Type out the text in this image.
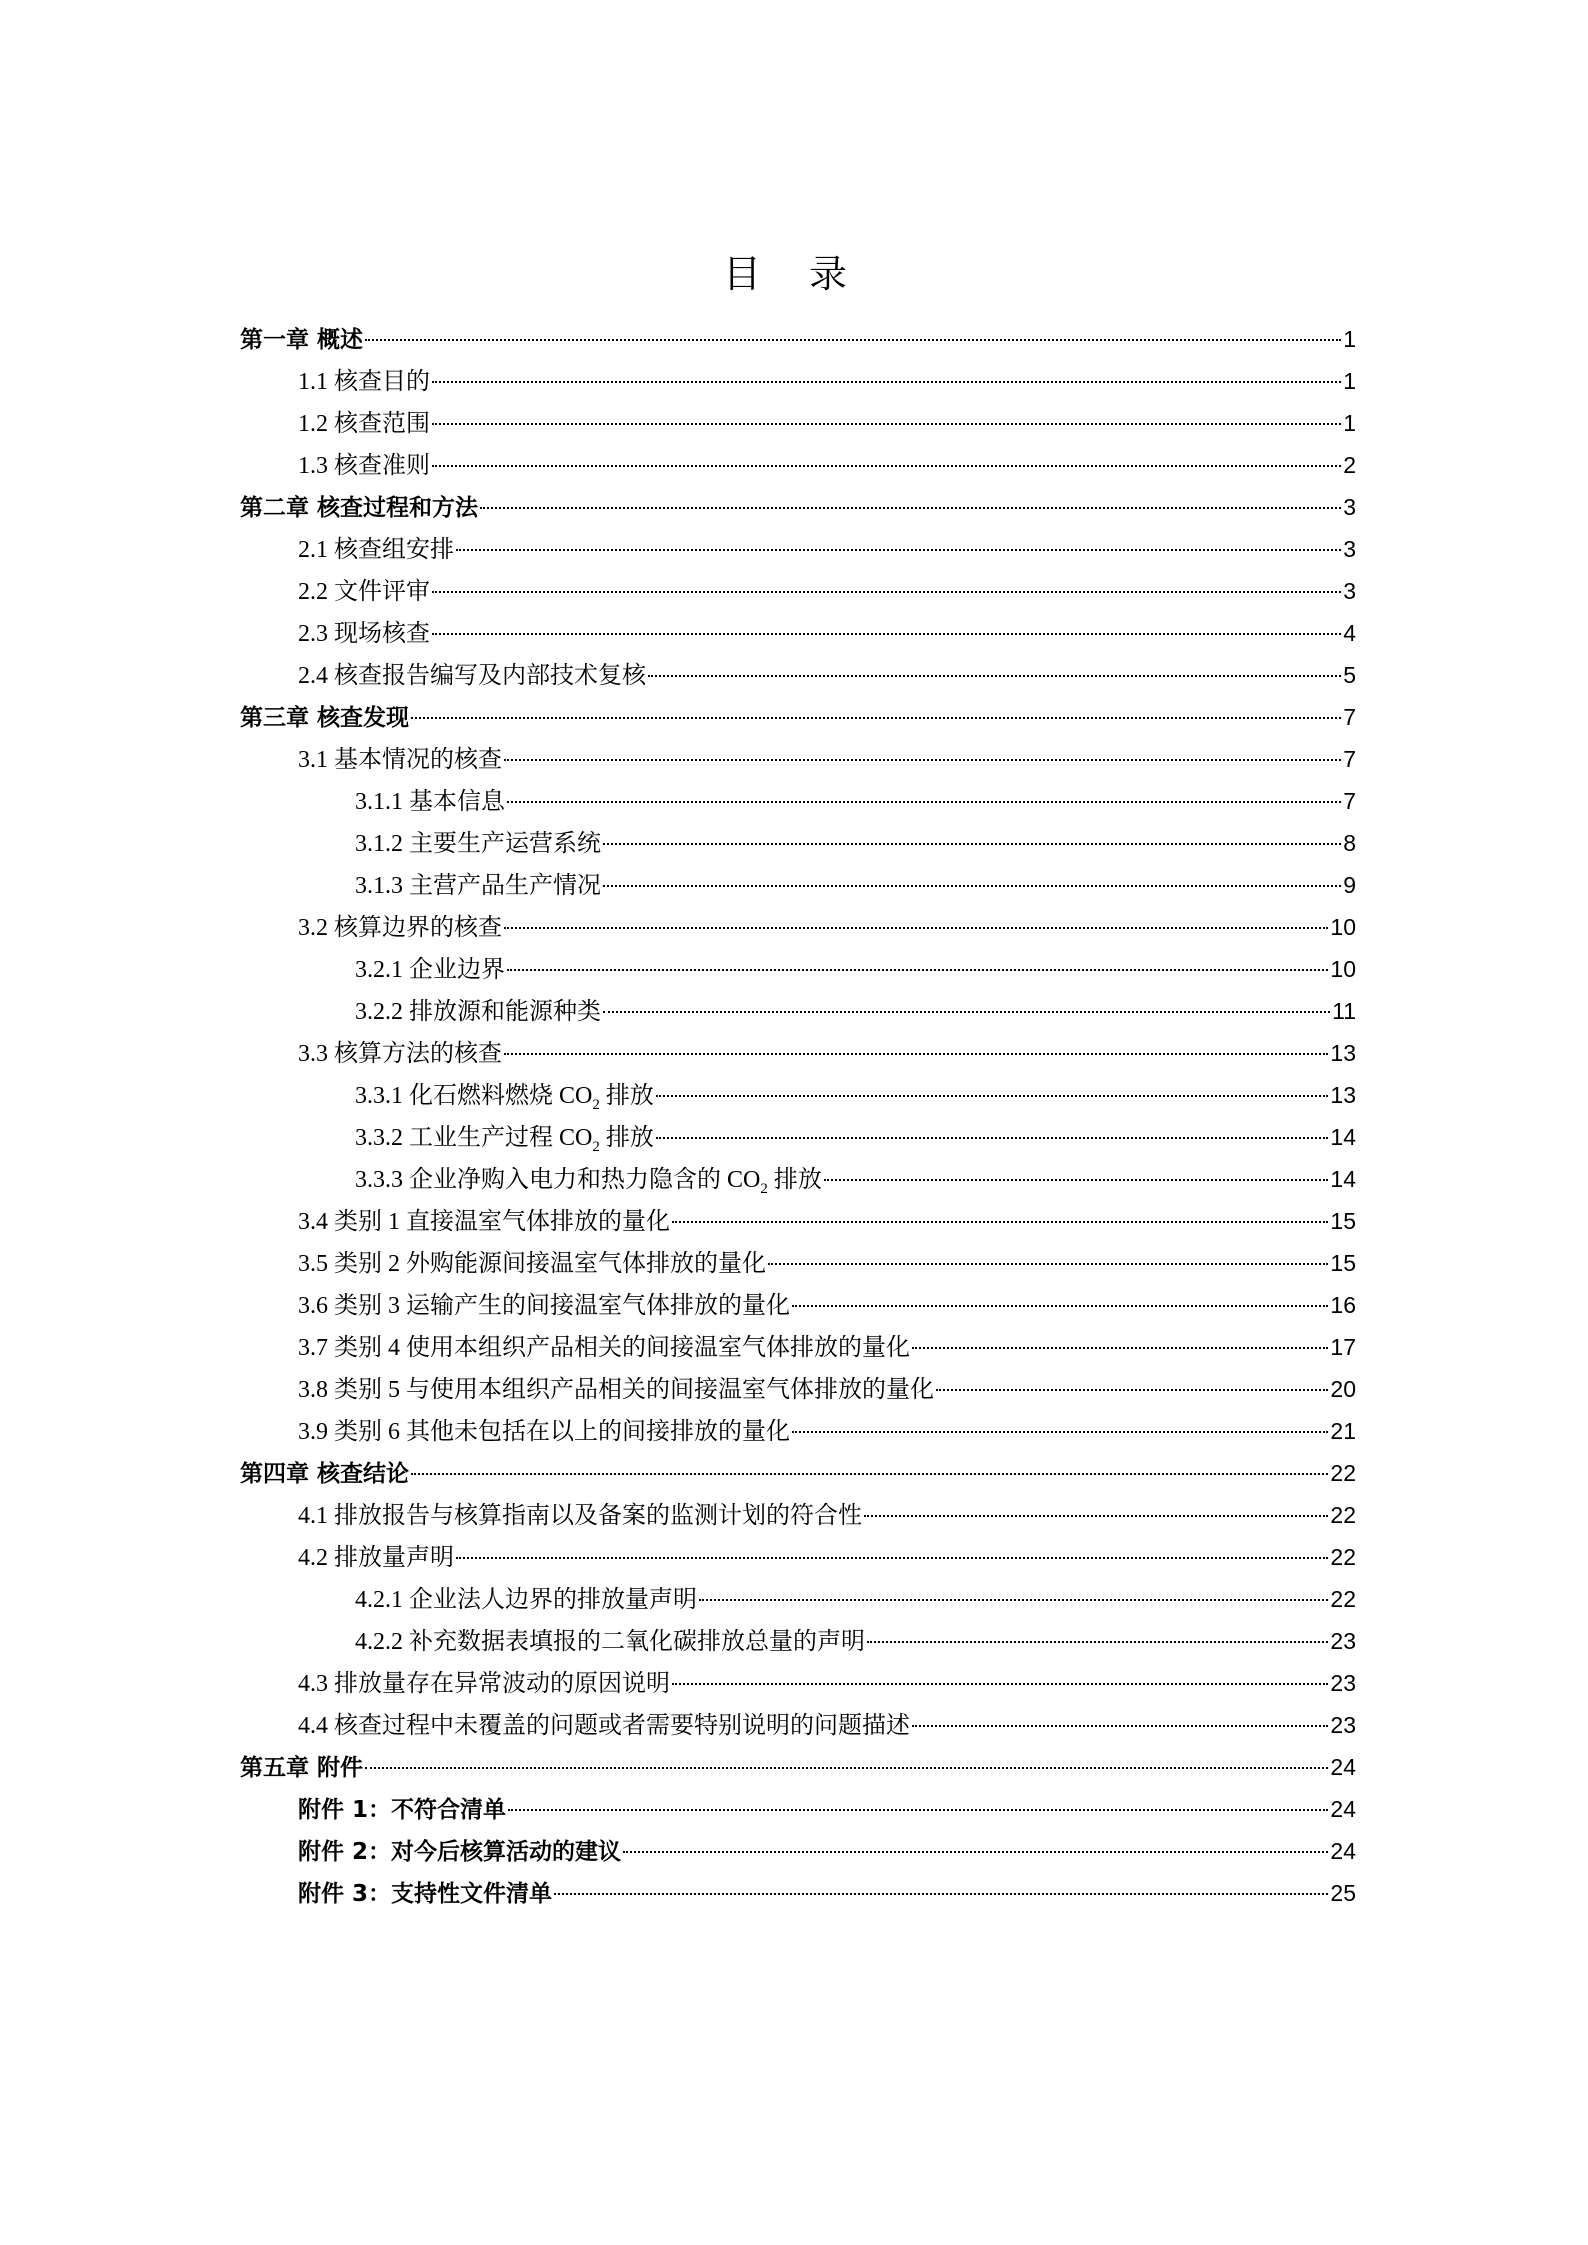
目 录
第一章 概述	1
1.1 核查目的	1
1.2 核查范围	1
1.3 核查准则	2
第二章 核查过程和方法	3
2.1 核查组安排	3
2.2 文件评审	3
2.3 现场核查	4
2.4 核查报告编写及内部技术复核	5
第三章 核查发现	7
3.1 基本情况的核查	7
3.1.1 基本信息	7
3.1.2 主要生产运营系统	8
3.1.3 主营产品生产情况	9
3.2 核算边界的核查	10
3.2.1 企业边界	10
3.2.2 排放源和能源种类	11
3.3 核算方法的核查	13
3.3.1 化石燃料燃烧 $CO_2$ 排放	13
3.3.2 工业生产过程 $CO_2$ 排放	14
3.3.3 企业净购入电力和热力隐含的 $CO_2$ 排放	14
3.4 类别 1 直接温室气体排放的量化	15
3.5 类别 2 外购能源间接温室气体排放的量化	15
3.6 类别 3 运输产生的间接温室气体排放的量化	16
3.7 类别 4 使用本组织产品相关的间接温室气体排放的量化	17
3.8 类别 5 与使用本组织产品相关的间接温室气体排放的量化	20
3.9 类别 6 其他未包括在以上的间接排放的量化	21
第四章 核查结论	22
4.1 排放报告与核算指南以及备案的监测计划的符合性	22
4.2 排放量声明	22
4.2.1 企业法人边界的排放量声明	22
4.2.2 补充数据表填报的二氧化碳排放总量的声明	23
4.3 排放量存在异常波动的原因说明	23
4.4 核查过程中未覆盖的问题或者需要特别说明的问题描述	23
第五章 附件	24
附件 1：不符合清单	24
附件 2：对今后核算活动的建议	24
附件 3：支持性文件清单	25
